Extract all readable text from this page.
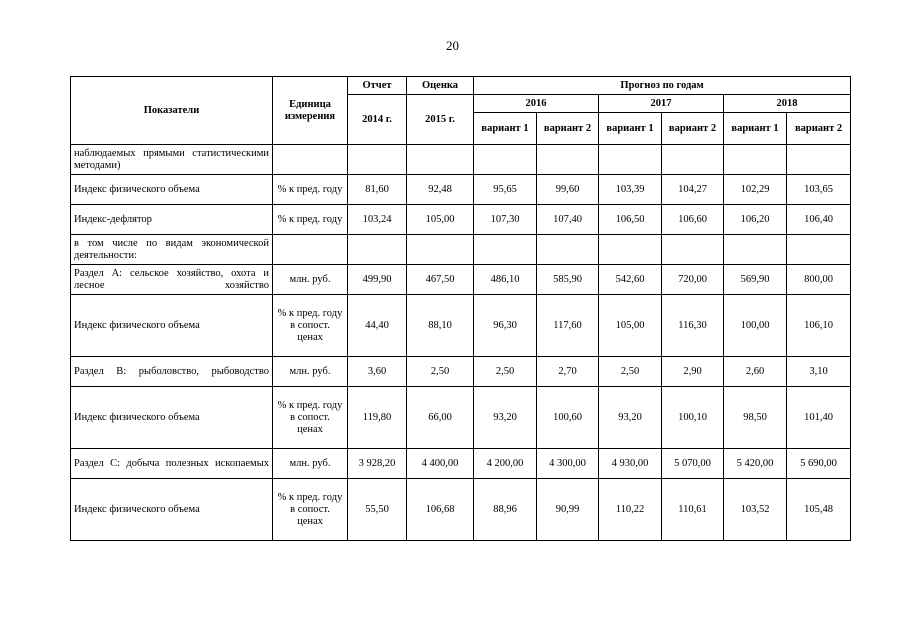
20
Показатели	Единица измерения	Отчет	Оценка	Прогноз по годам					
		2014 г.	2015 г.	2016		2017		2018	
				вариант 1	вариант 2	вариант 1	вариант 2	вариант 1	вариант 2
наблюдаемых прямыми статистическими методами)									
Индекс физического объема	% к пред. году	81,60	92,48	95,65	99,60	103,39	104,27	102,29	103,65
Индекс-дефлятор	% к пред. году	103,24	105,00	107,30	107,40	106,50	106,60	106,20	106,40
в том числе по видам экономической деятельности:									
Раздел А: сельское хозяйство, охота и лесное хозяйство	млн. руб.	499,90	467,50	486,10	585,90	542,60	720,00	569,90	800,00
Индекс физического объема	% к пред. году в сопост. ценах	44,40	88,10	96,30	117,60	105,00	116,30	100,00	106,10
Раздел В: рыболовство, рыбоводство	млн. руб.	3,60	2,50	2,50	2,70	2,50	2,90	2,60	3,10
Индекс физического объема	% к пред. году в сопост. ценах	119,80	66,00	93,20	100,60	93,20	100,10	98,50	101,40
Раздел С: добыча полезных ископаемых	млн. руб.	3 928,20	4 400,00	4 200,00	4 300,00	4 930,00	5 070,00	5 420,00	5 690,00
Индекс физического объема	% к пред. году в сопост. ценах	55,50	106,68	88,96	90,99	110,22	110,61	103,52	105,48
